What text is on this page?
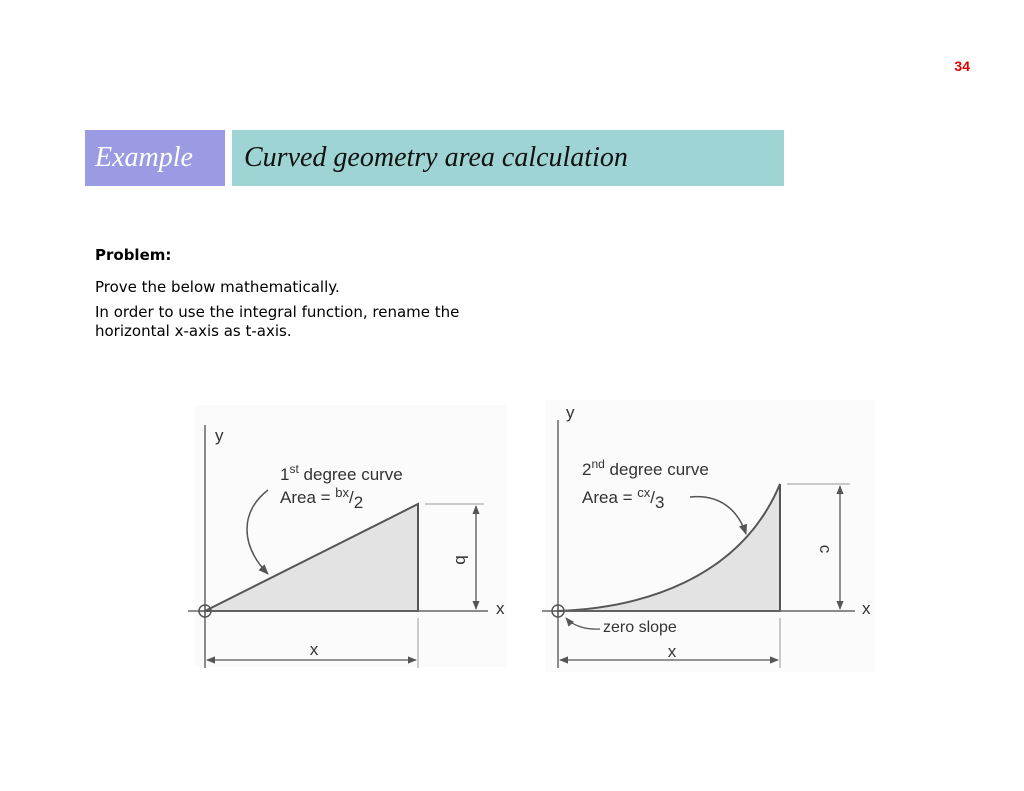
34
Example	Curved geometry area calculation
Problem:
Prove the below mathematically.
In order to use the integral function, rename the horizontal x-axis as t-axis.
y
x
1st degree curve
Area = $^{bx}$/2
b
x
y
x
2nd degree curve
Area = $^{cx}$/3
zero slope
c
x
